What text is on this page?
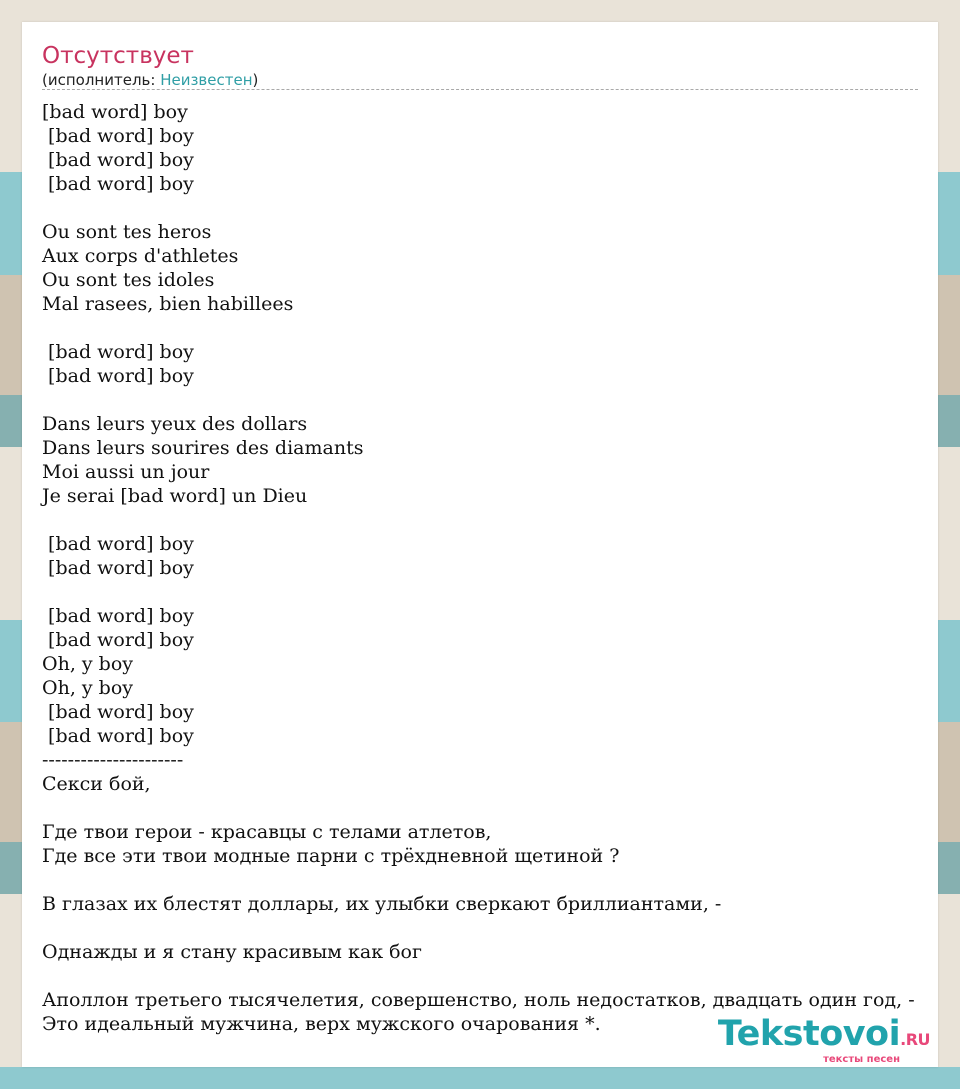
Отсутствует
(исполнитель: Неизвестен)
[bad word] boy
[bad word] boy
[bad word] boy
[bad word] boy
Ou sont tes heros
Aux corps d'athletes
Ou sont tes idoles
Mal rasees, bien habillees
[bad word] boy
[bad word] boy
Dans leurs yeux des dollars
Dans leurs sourires des diamants
Moi aussi un jour
Je serai [bad word] un Dieu
[bad word] boy
[bad word] boy
[bad word] boy
[bad word] boy
Oh, y boy
Oh, y boy
[bad word] boy
[bad word] boy
----------------------
Секси бой,
Где твои герои - красавцы с телами атлетов,
Где все эти твои модные парни с трёхдневной щетиной ?
В глазах их блестят доллары, их улыбки сверкают бриллиантами, -
Однажды и я стану красивым как бог
Аполлон третьего тысячелетия, совершенство, ноль недостатков, двадцать один год, -
Это идеальный мужчина, верх мужского очарования *.	Tekstovoi.RU
тексты песен
